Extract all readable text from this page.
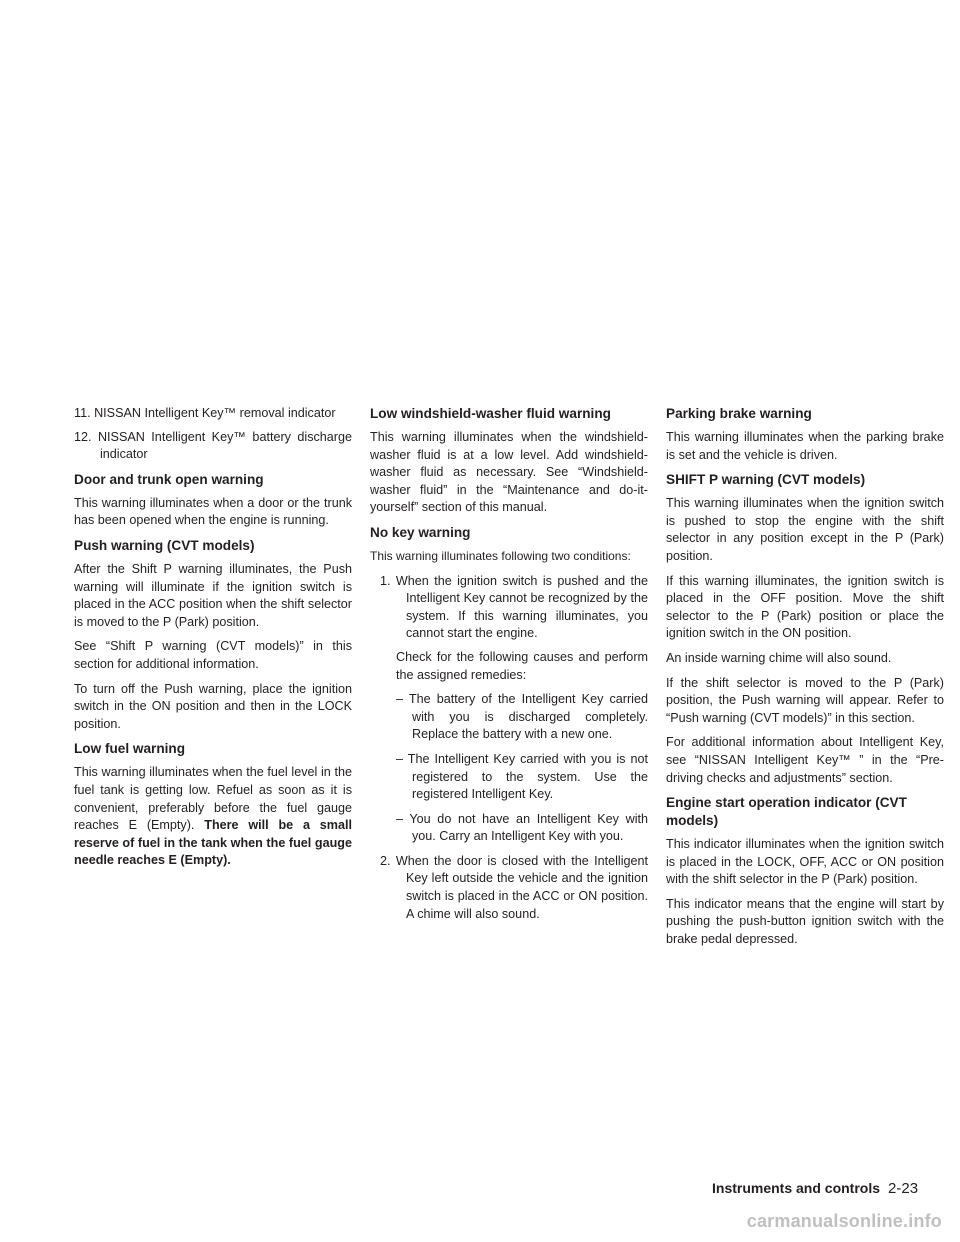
11. NISSAN Intelligent Key™ removal indicator

12. NISSAN Intelligent Key™ battery discharge indicator

Door and trunk open warning

This warning illuminates when a door or the trunk has been opened when the engine is running.

Push warning (CVT models)

After the Shift P warning illuminates, the Push warning will illuminate if the ignition switch is placed in the ACC position when the shift selector is moved to the P (Park) position.

See “Shift P warning (CVT models)” in this section for additional information.

To turn off the Push warning, place the ignition switch in the ON position and then in the LOCK position.

Low fuel warning

This warning illuminates when the fuel level in the fuel tank is getting low. Refuel as soon as it is convenient, preferably before the fuel gauge reaches E (Empty). There will be a small reserve of fuel in the tank when the fuel gauge needle reaches E (Empty).

Low windshield-washer fluid warning

This warning illuminates when the windshield-washer fluid is at a low level. Add windshield-washer fluid as necessary. See “Windshield-washer fluid” in the “Maintenance and do-it-yourself” section of this manual.

No key warning

This warning illuminates following two conditions:

1. When the ignition switch is pushed and the Intelligent Key cannot be recognized by the system. If this warning illuminates, you cannot start the engine.

Check for the following causes and perform the assigned remedies:

– The battery of the Intelligent Key carried with you is discharged completely. Replace the battery with a new one.

– The Intelligent Key carried with you is not registered to the system. Use the registered Intelligent Key.

– You do not have an Intelligent Key with you. Carry an Intelligent Key with you.

2. When the door is closed with the Intelligent Key left outside the vehicle and the ignition switch is placed in the ACC or ON position. A chime will also sound.

Parking brake warning

This warning illuminates when the parking brake is set and the vehicle is driven.

SHIFT P warning (CVT models)

This warning illuminates when the ignition switch is pushed to stop the engine with the shift selector in any position except in the P (Park) position.

If this warning illuminates, the ignition switch is placed in the OFF position. Move the shift selector to the P (Park) position or place the ignition switch in the ON position.

An inside warning chime will also sound.

If the shift selector is moved to the P (Park) position, the Push warning will appear. Refer to “Push warning (CVT models)” in this section.

For additional information about Intelligent Key, see “NISSAN Intelligent Key™ ” in the “Pre-driving checks and adjustments” section.

Engine start operation indicator (CVT models)

This indicator illuminates when the ignition switch is placed in the LOCK, OFF, ACC or ON position with the shift selector in the P (Park) position.

This indicator means that the engine will start by pushing the push-button ignition switch with the brake pedal depressed.

Instruments and controls 2-23
carmanualsonline.info
